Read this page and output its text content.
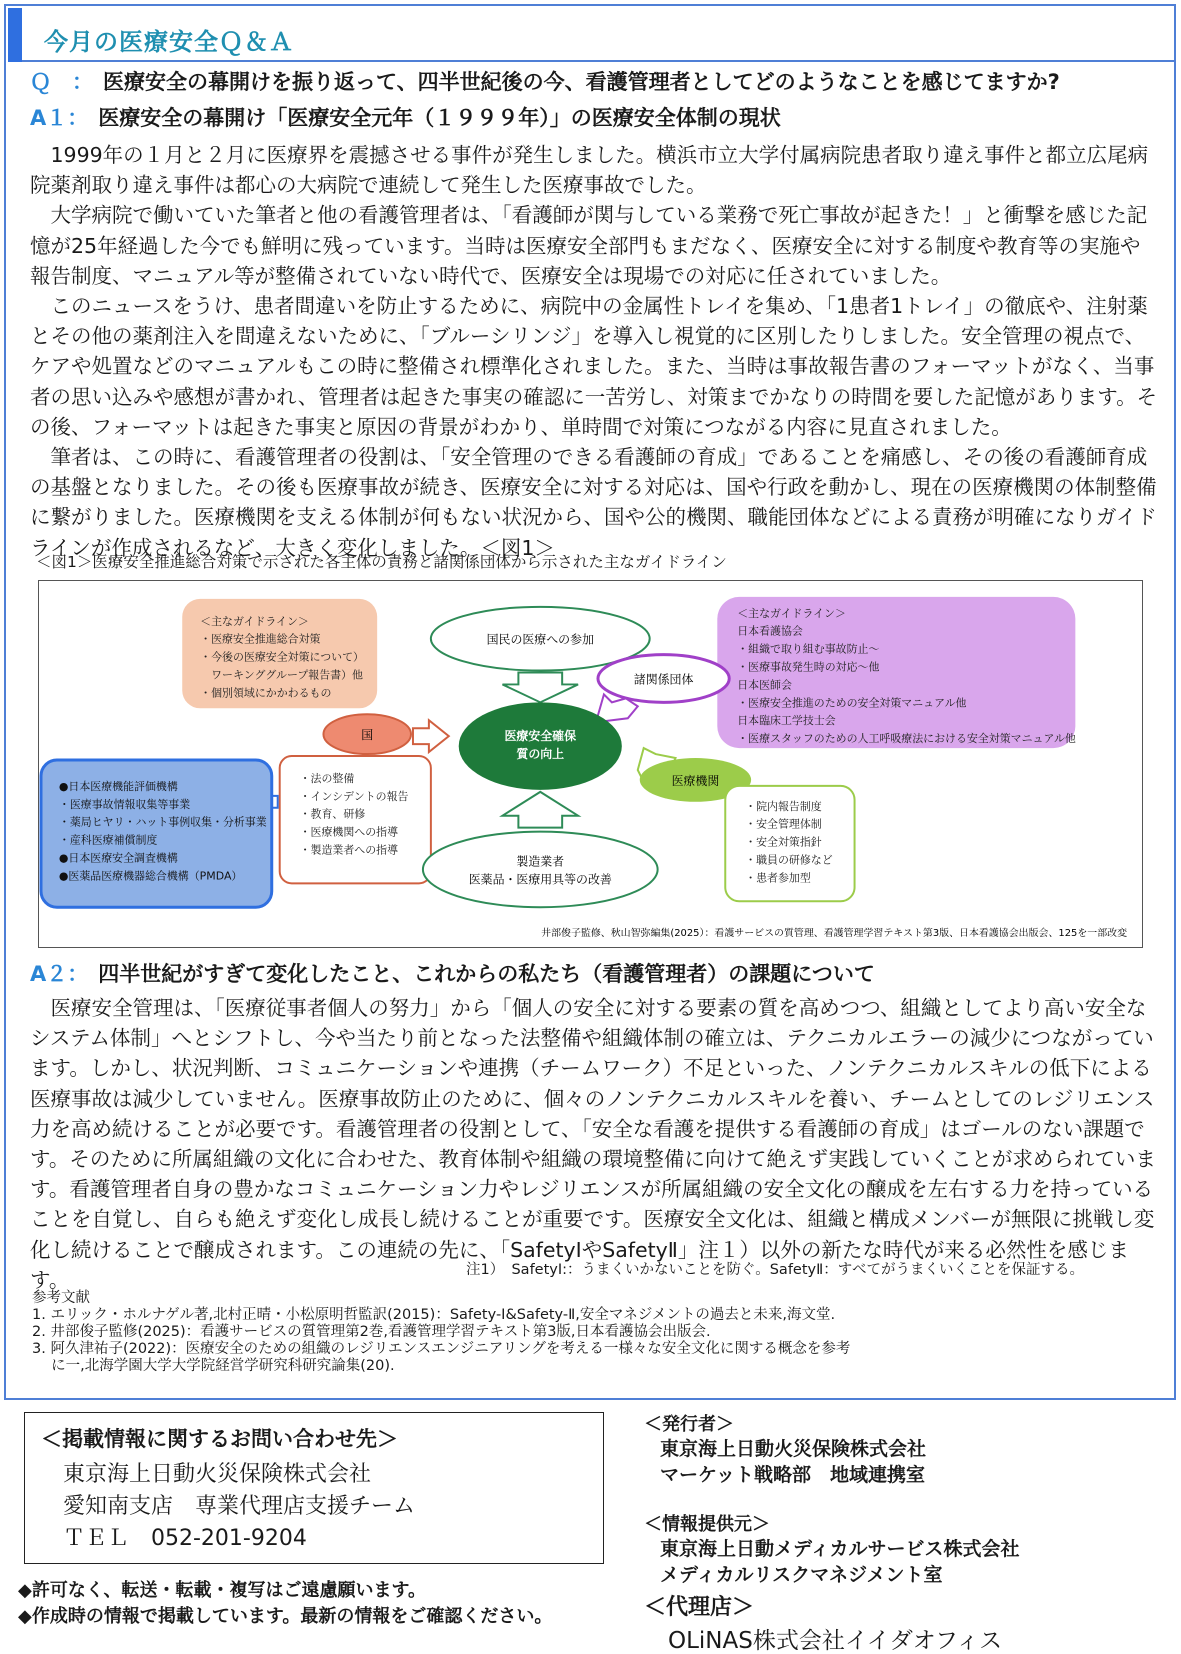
今月の医療安全Ｑ＆Ａ
Ｑ　： 医療安全の幕開けを振り返って、四半世紀後の今、看護管理者としてどのようなことを感じてますか?
A１： 医療安全の幕開け「医療安全元年（１９９９年）」の医療安全体制の現状

1999年の１月と２月に医療界を震撼させる事件が発生しました。横浜市立大学付属病院患者取り違え事件と都立広尾病院薬剤取り違え事件は都心の大病院で連続して発生した医療事故でした。

大学病院で働いていた筆者と他の看護管理者は、「看護師が関与している業務で死亡事故が起きた！」と衝撃を感じた記憶が25年経過した今でも鮮明に残っています。当時は医療安全部門もまだなく、医療安全に対する制度や教育等の実施や報告制度、マニュアル等が整備されていない時代で、医療安全は現場での対応に任されていました。

このニュースをうけ、患者間違いを防止するために、病院中の金属性トレイを集め、「1患者1トレイ」の徹底や、注射薬とその他の薬剤注入を間違えないために、「ブルーシリンジ」を導入し視覚的に区別したりしました。安全管理の視点で、ケアや処置などのマニュアルもこの時に整備され標準化されました。また、当時は事故報告書のフォーマットがなく、当事者の思い込みや感想が書かれ、管理者は起きた事実の確認に一苦労し、対策までかなりの時間を要した記憶があります。その後、フォーマットは起きた事実と原因の背景がわかり、単時間で対策につながる内容に見直されました。

筆者は、この時に、看護管理者の役割は、「安全管理のできる看護師の育成」であることを痛感し、その後の看護師育成の基盤となりました。その後も医療事故が続き、医療安全に対する対応は、国や行政を動かし、現在の医療機関の体制整備に繋がりました。医療機関を支える体制が何もない状況から、国や公的機関、職能団体などによる責務が明確になりガイドラインが作成されるなど、大きく変化しました。＜図1＞

＜図1＞医療安全推進総合対策で示された各主体の責務と諸関係団体から示された主なガイドライン
＜主なガイドライン＞
・医療安全推進総合対策
・今後の医療安全対策について）
　ワーキンググループ報告書）他
・個別領域にかかわるもの
国民の医療への参加
＜主なガイドライン＞
日本看護協会
・組織で取り組む事故防止～
・医療事故発生時の対応～他
日本医師会
・医療安全推進のための安全対策マニュアル他
日本臨床工学技士会
・医療スタッフのための人工呼吸療法における安全対策マニュアル他
諸関係団体
医療安全確保
質の向上
国
・法の整備
・インシデントの報告
・教育、研修
・医療機関への指導
・製造業者への指導
●日本医療機能評価機構
・医療事故情報収集等事業
・薬局ヒヤリ・ハット事例収集・分析事業
・産科医療補償制度
●日本医療安全調査機構
●医薬品医療機器総合機構（PMDA）
医療機関
・院内報告制度
・安全管理体制
・安全対策指針
・職員の研修など
・患者参加型
製造業者
医薬品・医療用具等の改善
井部俊子監修、秋山智弥編集(2025）：看護サービスの質管理、看護管理学習テキスト第3版、日本看護協会出版会、125を一部改変
A２： 四半世紀がすぎて変化したこと、これからの私たち（看護管理者）の課題について

医療安全管理は、「医療従事者個人の努力」から「個人の安全に対する要素の質を高めつつ、組織としてより高い安全なシステム体制」へとシフトし、今や当たり前となった法整備や組織体制の確立は、テクニカルエラーの減少につながっています。しかし、状況判断、コミュニケーションや連携（チームワーク）不足といった、ノンテクニカルスキルの低下による医療事故は減少していません。医療事故防止のために、個々のノンテクニカルスキルを養い、チームとしてのレジリエンス力を高め続けることが必要です。看護管理者の役割として、「安全な看護を提供する看護師の育成」はゴールのない課題です。そのために所属組織の文化に合わせた、教育体制や組織の環境整備に向けて絶えず実践していくことが求められています。看護管理者自身の豊かなコミュニケーション力やレジリエンスが所属組織の安全文化の醸成を左右する力を持っていることを自覚し、自らも絶えず変化し成長し続けることが重要です。医療安全文化は、組織と構成メンバーが無限に挑戦し変化し続けることで醸成されます。この連続の先に、「SafetyⅠやSafetyⅡ」注１）以外の新たな時代が来る必然性を感じます。	注1）　SafetyⅠ:：うまくいかないことを防ぐ。SafetyⅡ：すべてがうまくいくことを保証する。
参考文献
1. エリック・ホルナゲル著,北村正晴・小松原明哲監訳(2015)：Safety-Ⅰ&Safety-Ⅱ,安全マネジメントの過去と未来,海文堂.
2. 井部俊子監修(2025)：看護サービスの質管理第2巻,看護管理学習テキスト第3版,日本看護協会出版会.
3. 阿久津祐子(2022)：医療安全のための組織のレジリエンスエンジニアリングを考える一様々な安全文化に関する概念を参考
　 に一,北海学園大学大学院経営学研究科研究論集(20).
＜掲載情報に関するお問い合わせ先＞
東京海上日動火災保険株式会社
愛知南支店　専業代理店支援チーム
ＴＥＬ　052-201-9204
◆許可なく、転送・転載・複写はご遠慮願います。
◆作成時の情報で掲載しています。最新の情報をご確認ください。
＜発行者＞
東京海上日動火災保険株式会社
マーケット戦略部　地域連携室
＜情報提供元＞
東京海上日動メディカルサービス株式会社
メディカルリスクマネジメント室
＜代理店＞
OLiNAS株式会社イイダオフィス
